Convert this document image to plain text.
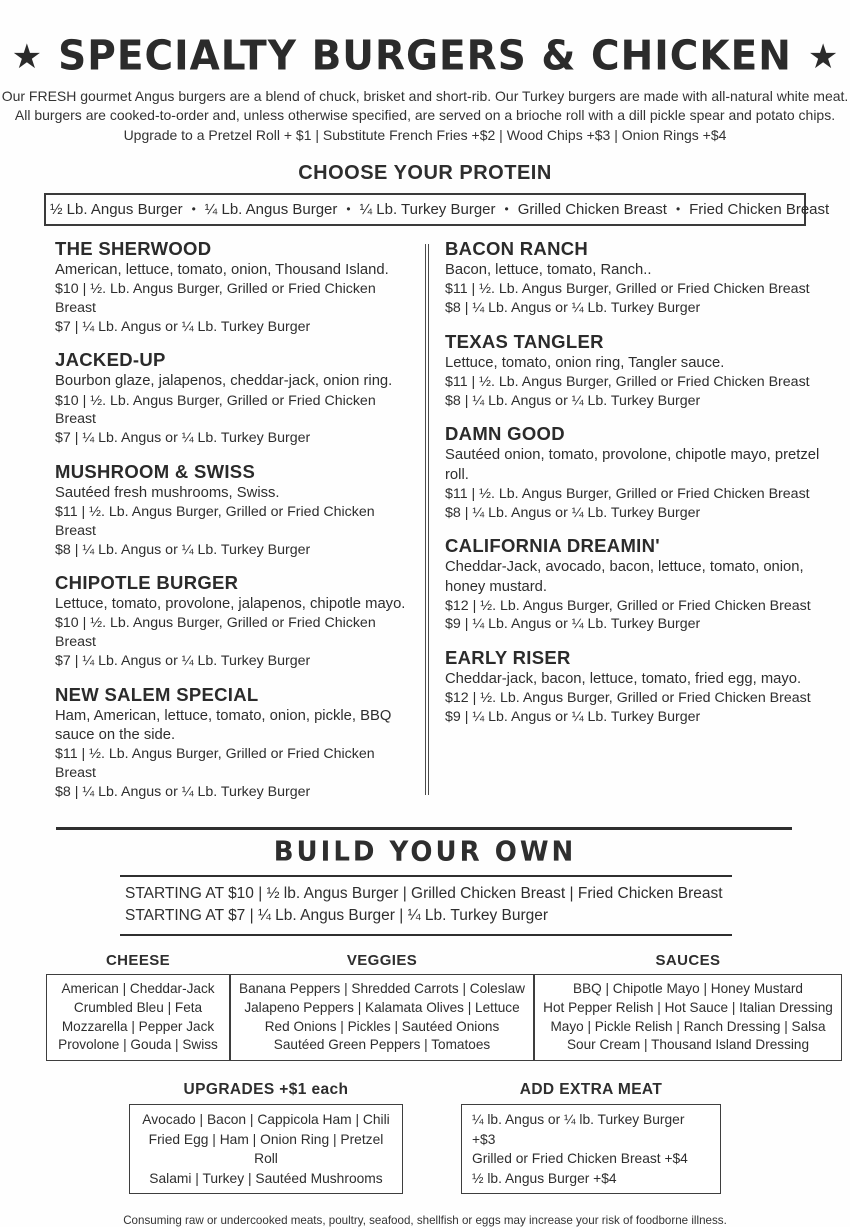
★ SPECIALTY BURGERS & CHICKEN ★
Our FRESH gourmet Angus burgers are a blend of chuck, brisket and short-rib. Our Turkey burgers are made with all-natural white meat.
All burgers are cooked-to-order and, unless otherwise specified, are served on a brioche roll with a dill pickle spear and potato chips.
Upgrade to a Pretzel Roll + $1 | Substitute French Fries +$2 | Wood Chips +$3 | Onion Rings +$4
CHOOSE YOUR PROTEIN
½ Lb. Angus Burger • ¼ Lb. Angus Burger • ¼ Lb. Turkey Burger • Grilled Chicken Breast • Fried Chicken Breast
THE SHERWOOD
American, lettuce, tomato, onion, Thousand Island.
$10 | ½. Lb. Angus Burger, Grilled or Fried Chicken Breast
$7 | ¼ Lb. Angus or ¼ Lb. Turkey Burger
JACKED-UP
Bourbon glaze, jalapenos, cheddar-jack, onion ring.
$10 | ½. Lb. Angus Burger, Grilled or Fried Chicken Breast
$7 | ¼ Lb. Angus or ¼ Lb. Turkey Burger
MUSHROOM & SWISS
Sautéed fresh mushrooms, Swiss.
$11 | ½. Lb. Angus Burger, Grilled or Fried Chicken Breast
$8 | ¼ Lb. Angus or ¼ Lb. Turkey Burger
CHIPOTLE BURGER
Lettuce, tomato, provolone, jalapenos, chipotle mayo.
$10 | ½. Lb. Angus Burger, Grilled or Fried Chicken Breast
$7 | ¼ Lb. Angus or ¼ Lb. Turkey Burger
NEW SALEM SPECIAL
Ham, American, lettuce, tomato, onion, pickle, BBQ sauce on the side.
$11 | ½. Lb. Angus Burger, Grilled or Fried Chicken Breast
$8 | ¼ Lb. Angus or ¼ Lb. Turkey Burger
BACON RANCH
Bacon, lettuce, tomato, Ranch..
$11 | ½. Lb. Angus Burger, Grilled or Fried Chicken Breast
$8 | ¼ Lb. Angus or ¼ Lb. Turkey Burger
TEXAS TANGLER
Lettuce, tomato, onion ring, Tangler sauce.
$11 | ½. Lb. Angus Burger, Grilled or Fried Chicken Breast
$8 | ¼ Lb. Angus or ¼ Lb. Turkey Burger
DAMN GOOD
Sautéed onion, tomato, provolone, chipotle mayo, pretzel roll.
$11 | ½. Lb. Angus Burger, Grilled or Fried Chicken Breast
$8 | ¼ Lb. Angus or ¼ Lb. Turkey Burger
CALIFORNIA DREAMIN'
Cheddar-Jack, avocado, bacon, lettuce, tomato, onion, honey mustard.
$12 | ½. Lb. Angus Burger, Grilled or Fried Chicken Breast
$9 | ¼ Lb. Angus or ¼ Lb. Turkey Burger
EARLY RISER
Cheddar-jack, bacon, lettuce, tomato, fried egg, mayo.
$12 | ½. Lb. Angus Burger, Grilled or Fried Chicken Breast
$9 | ¼ Lb. Angus or ¼ Lb. Turkey Burger
BUILD YOUR OWN
STARTING AT $10 | ½ lb. Angus Burger | Grilled Chicken Breast | Fried Chicken Breast
STARTING AT $7 | ¼ Lb. Angus Burger | ¼ Lb. Turkey Burger
CHEESE
American | Cheddar-Jack
Crumbled Bleu | Feta
Mozzarella | Pepper Jack
Provolone | Gouda | Swiss
VEGGIES
Banana Peppers | Shredded Carrots | Coleslaw
Jalapeno Peppers | Kalamata Olives | Lettuce
Red Onions | Pickles | Sautéed Onions
Sautéed Green Peppers | Tomatoes
SAUCES
BBQ | Chipotle Mayo | Honey Mustard
Hot Pepper Relish | Hot Sauce | Italian Dressing
Mayo | Pickle Relish | Ranch Dressing | Salsa
Sour Cream | Thousand Island Dressing
UPGRADES +$1 each
Avocado | Bacon | Cappicola Ham | Chili
Fried Egg | Ham | Onion Ring | Pretzel Roll
Salami | Turkey | Sautéed Mushrooms
ADD EXTRA MEAT
¼ lb. Angus or ¼ lb. Turkey Burger +$3
Grilled or Fried Chicken Breast +$4
½ lb. Angus Burger +$4
Consuming raw or undercooked meats, poultry, seafood, shellfish or eggs may increase your risk of foodborne illness.
